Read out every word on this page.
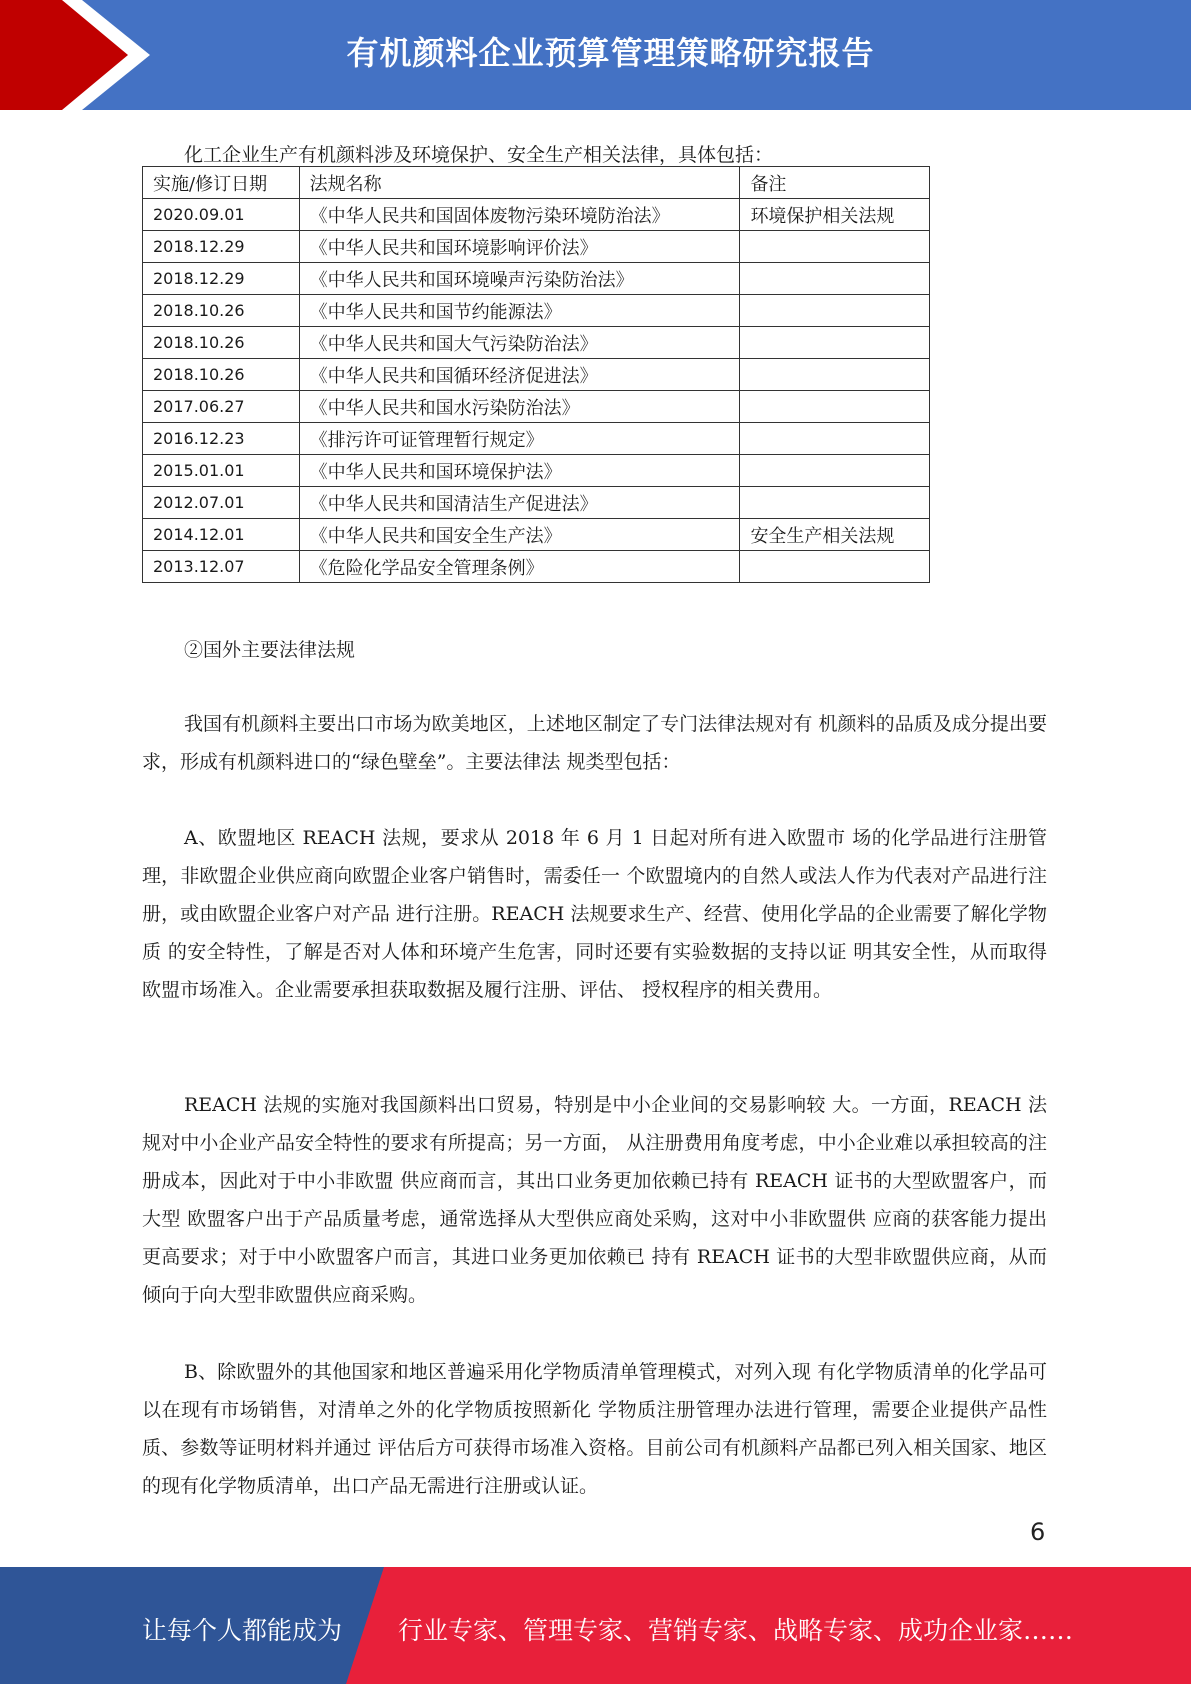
有机颜料企业预算管理策略研究报告
化工企业生产有机颜料涉及环境保护、安全生产相关法律，具体包括：
实施/修订日期	法规名称	备注
2020.09.01	《中华人民共和国固体废物污染环境防治法》	环境保护相关法规
2018.12.29	《中华人民共和国环境影响评价法》	
2018.12.29	《中华人民共和国环境噪声污染防治法》	
2018.10.26	《中华人民共和国节约能源法》	
2018.10.26	《中华人民共和国大气污染防治法》	
2018.10.26	《中华人民共和国循环经济促进法》	
2017.06.27	《中华人民共和国水污染防治法》	
2016.12.23	《排污许可证管理暂行规定》	
2015.01.01	《中华人民共和国环境保护法》	
2012.07.01	《中华人民共和国清洁生产促进法》	
2014.12.01	《中华人民共和国安全生产法》	安全生产相关法规
2013.12.07	《危险化学品安全管理条例》	
②国外主要法律法规

我国有机颜料主要出口市场为欧美地区，上述地区制定了专门法律法规对有 机颜料的品质及成分提出要求，形成有机颜料进口的“绿色壁垒”。主要法律法 规类型包括：

A、欧盟地区 REACH 法规，要求从 2018 年 6 月 1 日起对所有进入欧盟市 场的化学品进行注册管理，非欧盟企业供应商向欧盟企业客户销售时，需委任一 个欧盟境内的自然人或法人作为代表对产品进行注册，或由欧盟企业客户对产品 进行注册。REACH 法规要求生产、经营、使用化学品的企业需要了解化学物质 的安全特性，了解是否对人体和环境产生危害，同时还要有实验数据的支持以证 明其安全性，从而取得欧盟市场准入。企业需要承担获取数据及履行注册、评估、 授权程序的相关费用。

REACH 法规的实施对我国颜料出口贸易，特别是中小企业间的交易影响较 大。一方面，REACH 法规对中小企业产品安全特性的要求有所提高；另一方面， 从注册费用角度考虑，中小企业难以承担较高的注册成本，因此对于中小非欧盟 供应商而言，其出口业务更加依赖已持有 REACH 证书的大型欧盟客户，而大型 欧盟客户出于产品质量考虑，通常选择从大型供应商处采购，这对中小非欧盟供 应商的获客能力提出更高要求；对于中小欧盟客户而言，其进口业务更加依赖已 持有 REACH 证书的大型非欧盟供应商，从而倾向于向大型非欧盟供应商采购。

B、除欧盟外的其他国家和地区普遍采用化学物质清单管理模式，对列入现 有化学物质清单的化学品可以在现有市场销售，对清单之外的化学物质按照新化 学物质注册管理办法进行管理，需要企业提供产品性质、参数等证明材料并通过 评估后方可获得市场准入资格。目前公司有机颜料产品都已列入相关国家、地区 的现有化学物质清单，出口产品无需进行注册或认证。

6
让每个人都能成为 行业专家、管理专家、营销专家、战略专家、成功企业家……
